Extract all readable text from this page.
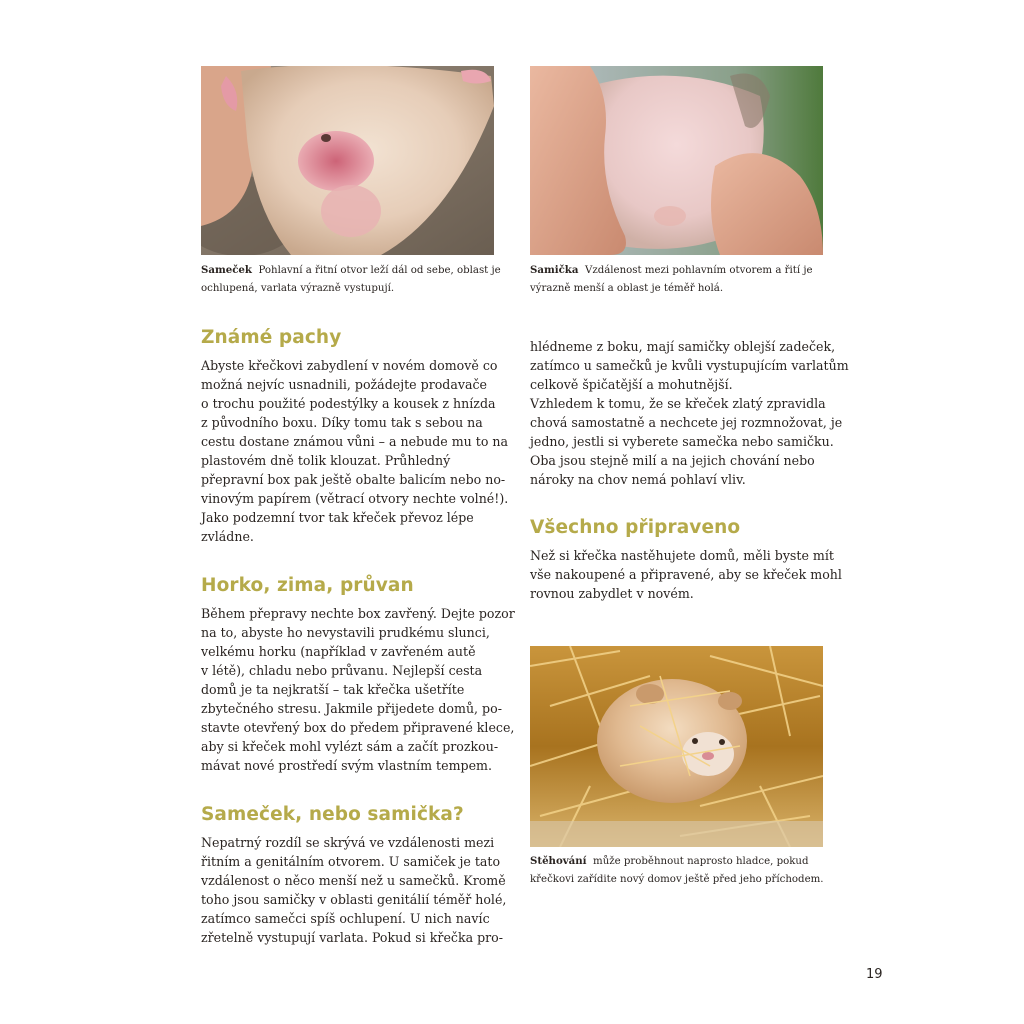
Sameček Pohlavní a řitní otvor leží dál od sebe, oblast je ochlupená, varlata výrazně vystupují.
Samička Vzdálenost mezi pohlavním otvorem a řití je výrazně menší a oblast je téměř holá.
Stěhování může proběhnout naprosto hladce, pokud křečkovi zařídite nový domov ještě před jeho příchodem.
Známé pachy
Abyste křečkovi zabydlení v novém domově co
možná nejvíc usnadnili, požádejte prodavače
o trochu použité podestýlky a kousek z hnízda
z původního boxu. Díky tomu tak s sebou na
cestu dostane známou vůni – a nebude mu to na
plastovém dně tolik klouzat. Průhledný
přepravní box pak ještě obalte balicím nebo no-
vinovým papírem (větrací otvory nechte volné!).
Jako podzemní tvor tak křeček převoz lépe
zvládne.
Horko, zima, průvan
Během přepravy nechte box zavřený. Dejte pozor
na to, abyste ho nevystavili prudkému slunci,
velkému horku (například v zavřeném autě
v létě), chladu nebo průvanu. Nejlepší cesta
domů je ta nejkratší – tak křečka ušetříte
zbytečného stresu. Jakmile přijedete domů, po-
stavte otevřený box do předem připravené klece,
aby si křeček mohl vylézt sám a začít prozkou-
mávat nové prostředí svým vlastním tempem.
Sameček, nebo samička?
Nepatrný rozdíl se skrývá ve vzdálenosti mezi
řitním a genitálním otvorem. U samiček je tato
vzdálenost o něco menší než u samečků. Kromě
toho jsou samičky v oblasti genitálií téměř holé,
zatímco samečci spíš ochlupení. U nich navíc
zřetelně vystupují varlata. Pokud si křečka pro-
hlédneme z boku, mají samičky oblejší zadeček,
zatímco u samečků je kvůli vystupujícím varlatům
celkově špičatější a mohutnější.
Vzhledem k tomu, že se křeček zlatý zpravidla
chová samostatně a nechcete jej rozmnožovat, je
jedno, jestli si vyberete samečka nebo samičku.
Oba jsou stejně milí a na jejich chování nebo
nároky na chov nemá pohlaví vliv.
Všechno připraveno
Než si křečka nastěhujete domů, měli byste mít
vše nakoupené a připravené, aby se křeček mohl
rovnou zabydlet v novém.
19
